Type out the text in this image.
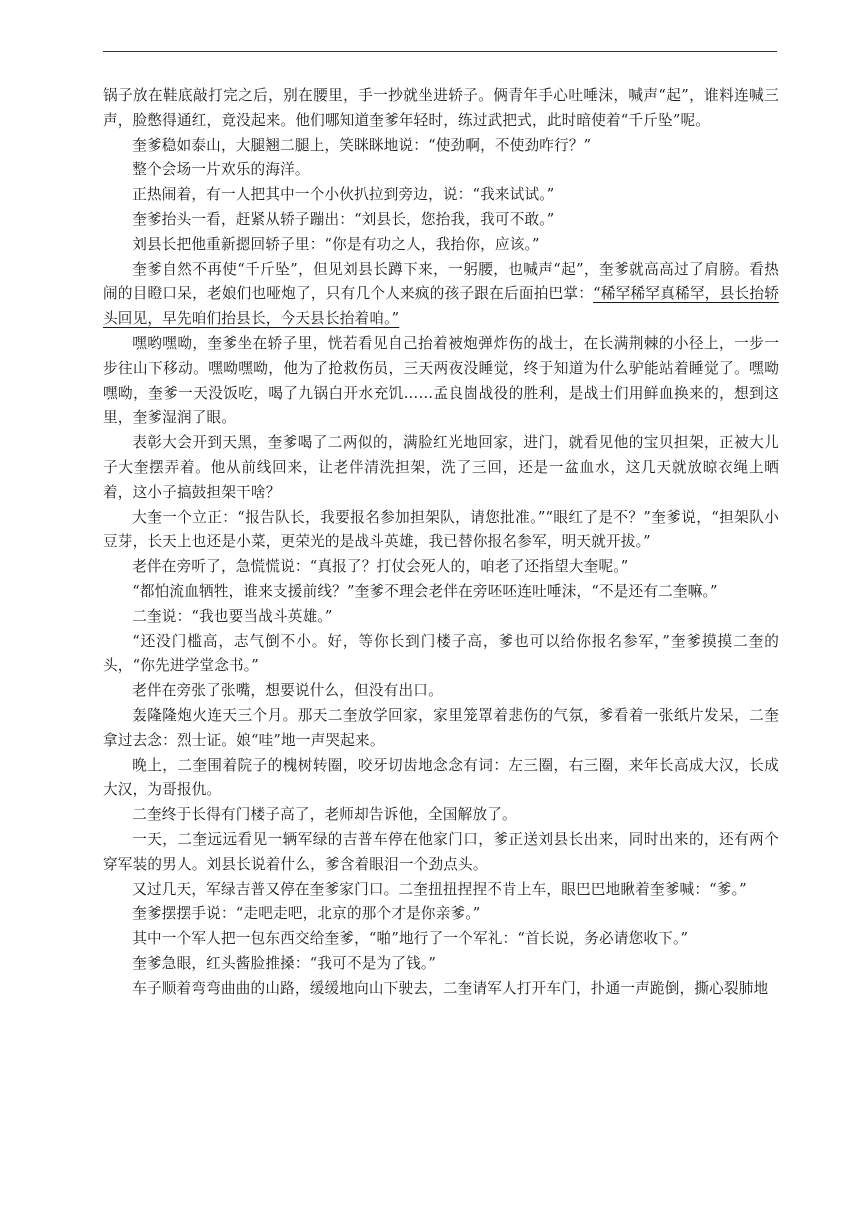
锅子放在鞋底敲打完之后，别在腰里，手一抄就坐进轿子。俩青年手心吐唾沫，喊声“起”，谁料连喊三声，脸憋得通红，竟没起来。他们哪知道奎爹年轻时，练过武把式，此时暗使着“千斤坠”呢。

奎爹稳如泰山，大腿翘二腿上，笑眯眯地说：“使劲啊，不使劲咋行？”

整个会场一片欢乐的海洋。

正热闹着，有一人把其中一个小伙扒拉到旁边，说：“我来试试。”

奎爹抬头一看，赶紧从轿子蹦出：“刘县长，您抬我，我可不敢。”

刘县长把他重新摁回轿子里：“你是有功之人，我抬你，应该。”

奎爹自然不再使“千斤坠”，但见刘县长蹲下来，一躬腰，也喊声“起”，奎爹就高高过了肩膀。看热闹的目瞪口呆，老娘们也哑炮了，只有几个人来疯的孩子跟在后面拍巴掌：“稀罕稀罕真稀罕，县长抬轿头回见，早先咱们抬县长，今天县长抬着咱。”

嘿哟嘿呦，奎爹坐在轿子里，恍若看见自己抬着被炮弹炸伤的战士，在长满荆棘的小径上，一步一步往山下移动。嘿呦嘿呦，他为了抢救伤员，三天两夜没睡觉，终于知道为什么驴能站着睡觉了。嘿呦嘿呦，奎爹一天没饭吃，喝了九锅白开水充饥……孟良崮战役的胜利，是战士们用鲜血换来的，想到这里，奎爹湿润了眼。

表彰大会开到天黑，奎爹喝了二两似的，满脸红光地回家，进门，就看见他的宝贝担架，正被大儿子大奎摆弄着。他从前线回来，让老伴清洗担架，洗了三回，还是一盆血水，这几天就放晾衣绳上晒着，这小子搞鼓担架干啥？

大奎一个立正：“报告队长，我要报名参加担架队，请您批准。”“眼红了是不？”奎爹说，“担架队小豆芽，长天上也还是小菜，更荣光的是战斗英雄，我已替你报名参军，明天就开拔。”

老伴在旁听了，急慌慌说：“真报了？打仗会死人的，咱老了还指望大奎呢。”

“都怕流血牺牲，谁来支援前线？”奎爹不理会老伴在旁呸呸连吐唾沫，“不是还有二奎嘛。”

二奎说：“我也要当战斗英雄。”

“还没门槛高，志气倒不小。好，等你长到门楼子高，爹也可以给你报名参军，”奎爹摸摸二奎的头，“你先进学堂念书。”

老伴在旁张了张嘴，想要说什么，但没有出口。

轰隆隆炮火连天三个月。那天二奎放学回家，家里笼罩着悲伤的气氛，爹看着一张纸片发呆，二奎拿过去念：烈士证。娘“哇”地一声哭起来。

晚上，二奎围着院子的槐树转圈，咬牙切齿地念念有词：左三圈，右三圈，来年长高成大汉，长成大汉，为哥报仇。

二奎终于长得有门楼子高了，老师却告诉他，全国解放了。

一天，二奎远远看见一辆军绿的吉普车停在他家门口，爹正送刘县长出来，同时出来的，还有两个穿军装的男人。刘县长说着什么，爹含着眼泪一个劲点头。

又过几天，军绿吉普又停在奎爹家门口。二奎扭扭捏捏不肯上车，眼巴巴地瞅着奎爹喊：“爹。”

奎爹摆摆手说：“走吧走吧，北京的那个才是你亲爹。”

其中一个军人把一包东西交给奎爹，“啪”地行了一个军礼：“首长说，务必请您收下。”

奎爹急眼，红头酱脸推搡：“我可不是为了钱。”

车子顺着弯弯曲曲的山路，缓缓地向山下驶去，二奎请军人打开车门，扑通一声跪倒，撕心裂肺地
